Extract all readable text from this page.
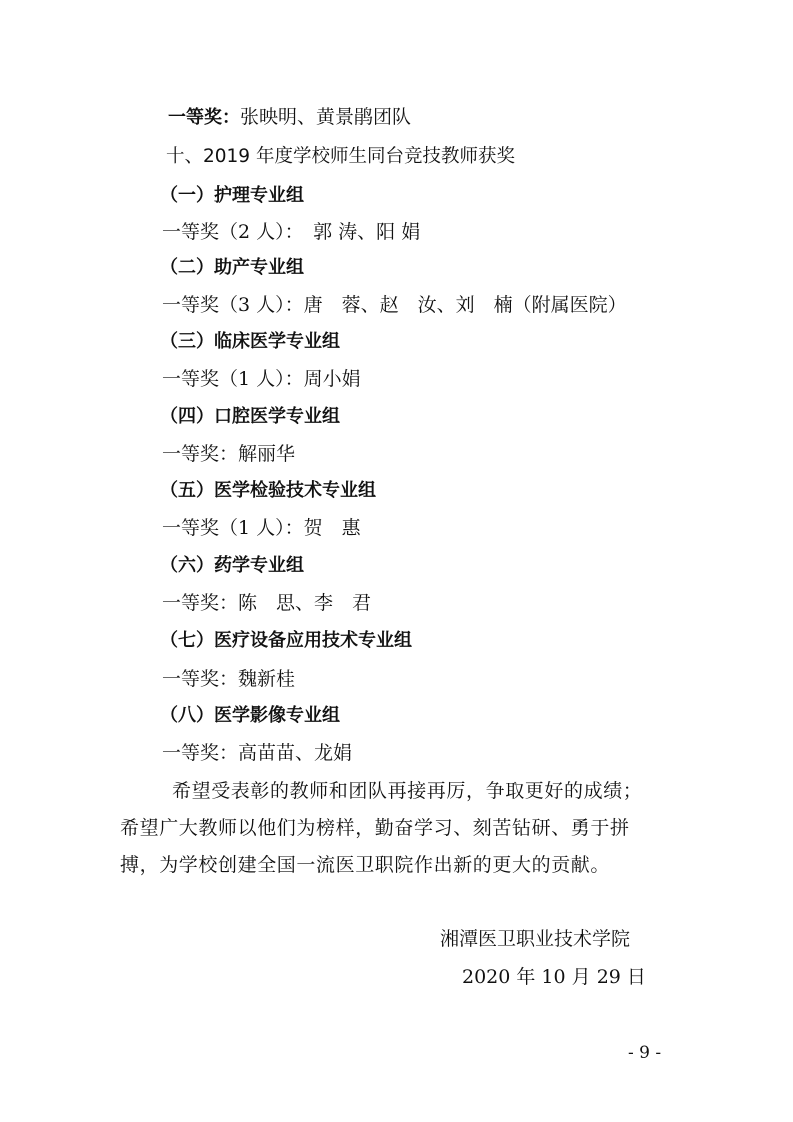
一等奖：张映明、黄景鹃团队
十、2019 年度学校师生同台竞技教师获奖
（一）护理专业组
一等奖（2 人）：　郭 涛、阳 娟
（二）助产专业组
一等奖（3 人）：唐　蓉、赵　汝、刘　楠（附属医院）
（三）临床医学专业组
一等奖（1 人）：周小娟
（四）口腔医学专业组
一等奖：解丽华
（五）医学检验技术专业组
一等奖（1 人）：贺　惠
（六）药学专业组
一等奖：陈　思、李　君
（七）医疗设备应用技术专业组
一等奖：魏新桂
（八）医学影像专业组
一等奖：高苗苗、龙娟
希望受表彰的教师和团队再接再厉，争取更好的成绩；
希望广大教师以他们为榜样，勤奋学习、刻苦钻研、勇于拼
搏，为学校创建全国一流医卫职院作出新的更大的贡献。
湘潭医卫职业技术学院
2020 年 10 月 29 日
- 9 -
